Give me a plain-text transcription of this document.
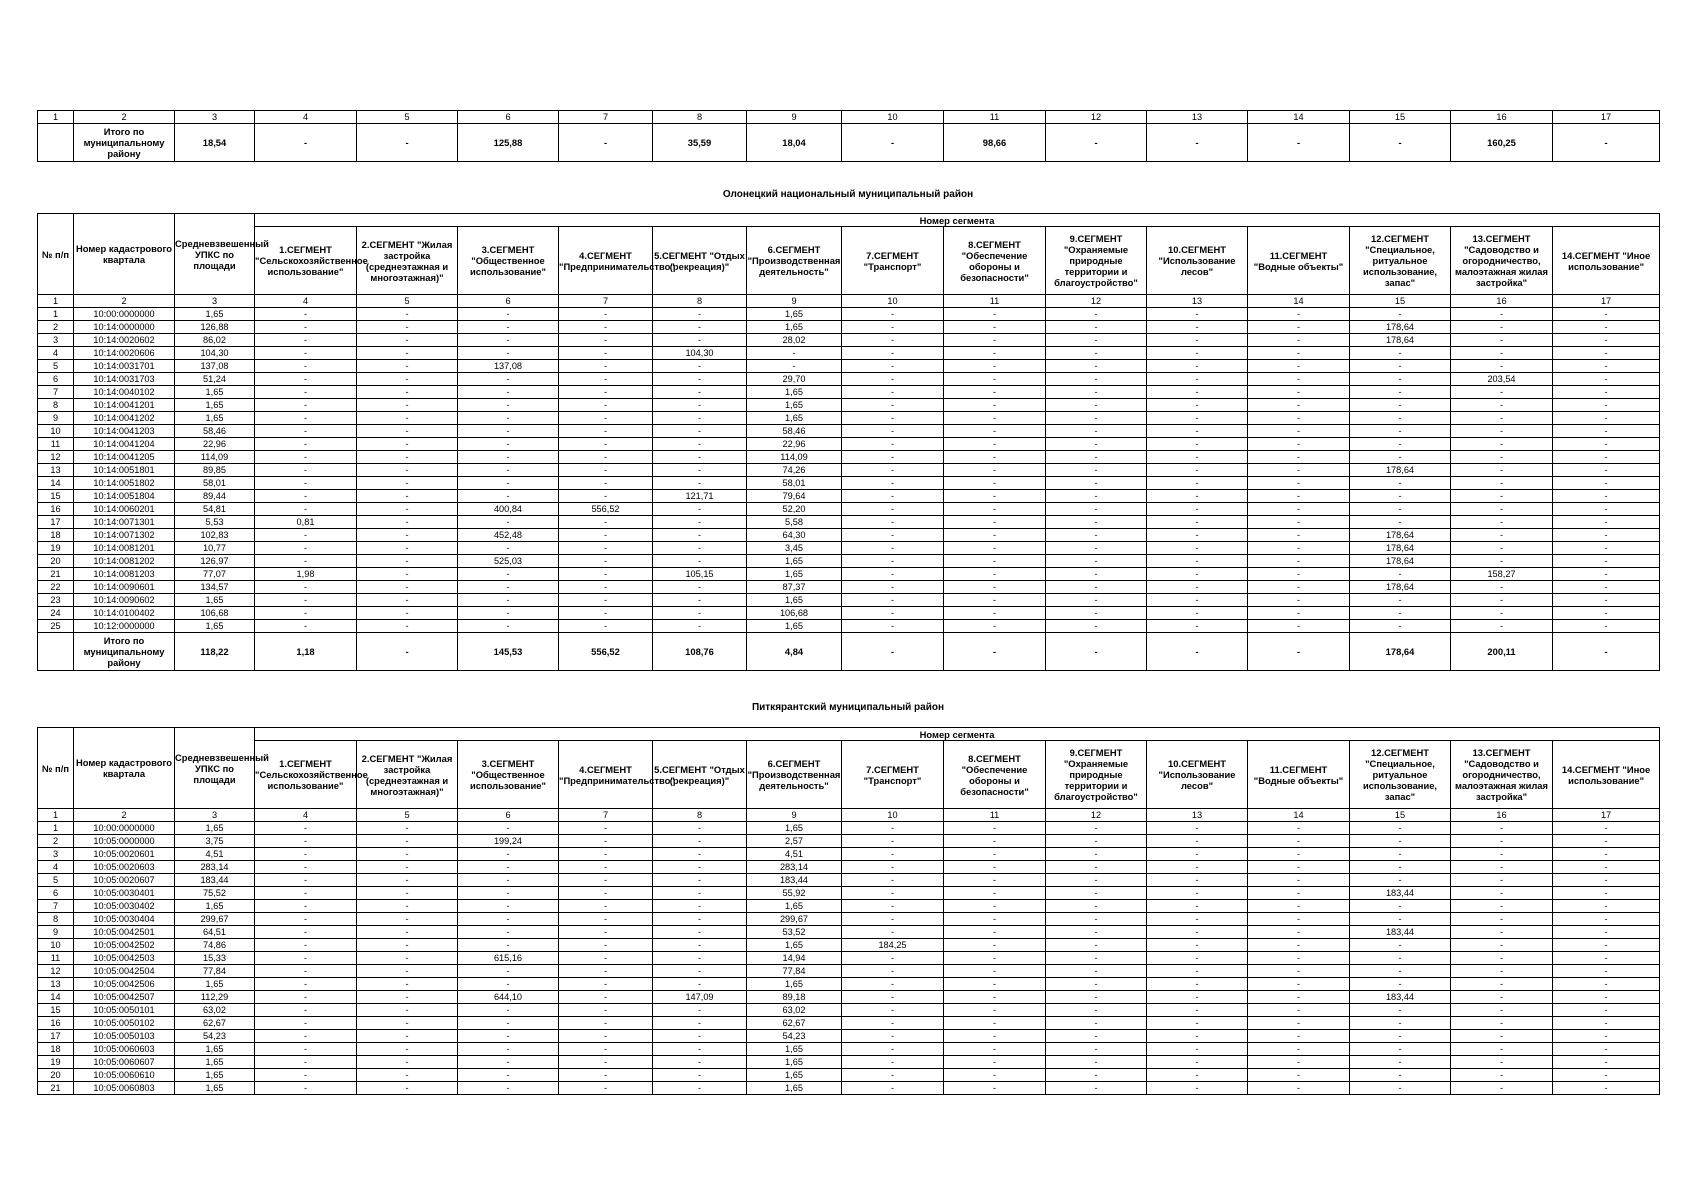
1	2	3	4	5	6	7	8	9	10	11	12	13	14	15	16	17
	Итого по муниципальному району	18,54	-	-	125,88	-	35,59	18,04	-	98,66	-	-	-	-	160,25	-
Олонецкий национальный муниципальный район
№ п/п	Номер кадастрового квартала	Средневзвешенный УПКС по площади	Номер сегмента													
			1.СЕГМЕНТ "Сельскохозяйственное использование"	2.СЕГМЕНТ "Жилая застройка (среднеэтажная и многоэтажная)"	3.СЕГМЕНТ "Общественное использование"	4.СЕГМЕНТ "Предпринимательство"	5.СЕГМЕНТ "Отдых (рекреация)"	6.СЕГМЕНТ "Производственная деятельность"	7.СЕГМЕНТ "Транспорт"	8.СЕГМЕНТ "Обеспечение обороны и безопасности"	9.СЕГМЕНТ "Охраняемые природные территории и благоустройство"	10.СЕГМЕНТ "Использование лесов"	11.СЕГМЕНТ "Водные объекты"	12.СЕГМЕНТ "Специальное, ритуальное использование, запас"	13.СЕГМЕНТ "Садоводство и огородничество, малоэтажная жилая застройка"	14.СЕГМЕНТ "Иное использование"
1	2	3	4	5	6	7	8	9	10	11	12	13	14	15	16	17
1	10:00:0000000	1,65	-	-	-	-	-	1,65	-	-	-	-	-	-	-	-
2	10:14:0000000	126,88	-	-	-	-	-	1,65	-	-	-	-	-	178,64	-	-
3	10:14:0020602	86,02	-	-	-	-	-	28,02	-	-	-	-	-	178,64	-	-
4	10:14:0020606	104,30	-	-	-	-	104,30	-	-	-	-	-	-	-	-	-
5	10:14:0031701	137,08	-	-	137,08	-	-	-	-	-	-	-	-	-	-	-
6	10:14:0031703	51,24	-	-	-	-	-	29,70	-	-	-	-	-	-	203,54	-
7	10:14:0040102	1,65	-	-	-	-	-	1,65	-	-	-	-	-	-	-	-
8	10:14:0041201	1,65	-	-	-	-	-	1,65	-	-	-	-	-	-	-	-
9	10:14:0041202	1,65	-	-	-	-	-	1,65	-	-	-	-	-	-	-	-
10	10:14:0041203	58,46	-	-	-	-	-	58,46	-	-	-	-	-	-	-	-
11	10:14:0041204	22,96	-	-	-	-	-	22,96	-	-	-	-	-	-	-	-
12	10:14:0041205	114,09	-	-	-	-	-	114,09	-	-	-	-	-	-	-	-
13	10:14:0051801	89,85	-	-	-	-	-	74,26	-	-	-	-	-	178,64	-	-
14	10:14:0051802	58,01	-	-	-	-	-	58,01	-	-	-	-	-	-	-	-
15	10:14:0051804	89,44	-	-	-	-	121,71	79,64	-	-	-	-	-	-	-	-
16	10:14:0060201	54,81	-	-	400,84	556,52	-	52,20	-	-	-	-	-	-	-	-
17	10:14:0071301	5,53	0,81	-	-	-	-	5,58	-	-	-	-	-	-	-	-
18	10:14:0071302	102,83	-	-	452,48	-	-	64,30	-	-	-	-	-	178,64	-	-
19	10:14:0081201	10,77	-	-	-	-	-	3,45	-	-	-	-	-	178,64	-	-
20	10:14:0081202	126,97	-	-	525,03	-	-	1,65	-	-	-	-	-	178,64	-	-
21	10:14:0081203	77,07	1,98	-	-	-	105,15	1,65	-	-	-	-	-	-	158,27	-
22	10:14:0090601	134,57	-	-	-	-	-	87,37	-	-	-	-	-	178,64	-	-
23	10:14:0090602	1,65	-	-	-	-	-	1,65	-	-	-	-	-	-	-	-
24	10:14:0100402	106,68	-	-	-	-	-	106,68	-	-	-	-	-	-	-	-
25	10:12:0000000	1,65	-	-	-	-	-	1,65	-	-	-	-	-	-	-	-
	Итого по муниципальному району	118,22	1,18	-	145,53	556,52	108,76	4,84	-	-	-	-	-	178,64	200,11	-
Питкярантский муниципальный район
№ п/п	Номер кадастрового квартала	Средневзвешенный УПКС по площади	Номер сегмента													
			1.СЕГМЕНТ "Сельскохозяйственное использование"	2.СЕГМЕНТ "Жилая застройка (среднеэтажная и многоэтажная)"	3.СЕГМЕНТ "Общественное использование"	4.СЕГМЕНТ "Предпринимательство"	5.СЕГМЕНТ "Отдых (рекреация)"	6.СЕГМЕНТ "Производственная деятельность"	7.СЕГМЕНТ "Транспорт"	8.СЕГМЕНТ "Обеспечение обороны и безопасности"	9.СЕГМЕНТ "Охраняемые природные территории и благоустройство"	10.СЕГМЕНТ "Использование лесов"	11.СЕГМЕНТ "Водные объекты"	12.СЕГМЕНТ "Специальное, ритуальное использование, запас"	13.СЕГМЕНТ "Садоводство и огородничество, малоэтажная жилая застройка"	14.СЕГМЕНТ "Иное использование"
1	2	3	4	5	6	7	8	9	10	11	12	13	14	15	16	17
1	10:00:0000000	1,65	-	-	-	-	-	1,65	-	-	-	-	-	-	-	-
2	10:05:0000000	3,75	-	-	199,24	-	-	2,57	-	-	-	-	-	-	-	-
3	10:05:0020601	4,51	-	-	-	-	-	4,51	-	-	-	-	-	-	-	-
4	10:05:0020603	283,14	-	-	-	-	-	283,14	-	-	-	-	-	-	-	-
5	10:05:0020607	183,44	-	-	-	-	-	183,44	-	-	-	-	-	-	-	-
6	10:05:0030401	75,52	-	-	-	-	-	55,92	-	-	-	-	-	183,44	-	-
7	10:05:0030402	1,65	-	-	-	-	-	1,65	-	-	-	-	-	-	-	-
8	10:05:0030404	299,67	-	-	-	-	-	299,67	-	-	-	-	-	-	-	-
9	10:05:0042501	64,51	-	-	-	-	-	53,52	-	-	-	-	-	183,44	-	-
10	10:05:0042502	74,86	-	-	-	-	-	1,65	184,25	-	-	-	-	-	-	-
11	10:05:0042503	15,33	-	-	615,16	-	-	14,94	-	-	-	-	-	-	-	-
12	10:05:0042504	77,84	-	-	-	-	-	77,84	-	-	-	-	-	-	-	-
13	10:05:0042506	1,65	-	-	-	-	-	1,65	-	-	-	-	-	-	-	-
14	10:05:0042507	112,29	-	-	644,10	-	147,09	89,18	-	-	-	-	-	183,44	-	-
15	10:05:0050101	63,02	-	-	-	-	-	63,02	-	-	-	-	-	-	-	-
16	10:05:0050102	62,67	-	-	-	-	-	62,67	-	-	-	-	-	-	-	-
17	10:05:0050103	54,23	-	-	-	-	-	54,23	-	-	-	-	-	-	-	-
18	10:05:0060603	1,65	-	-	-	-	-	1,65	-	-	-	-	-	-	-	-
19	10:05:0060607	1,65	-	-	-	-	-	1,65	-	-	-	-	-	-	-	-
20	10:05:0060610	1,65	-	-	-	-	-	1,65	-	-	-	-	-	-	-	-
21	10:05:0060803	1,65	-	-	-	-	-	1,65	-	-	-	-	-	-	-	-
